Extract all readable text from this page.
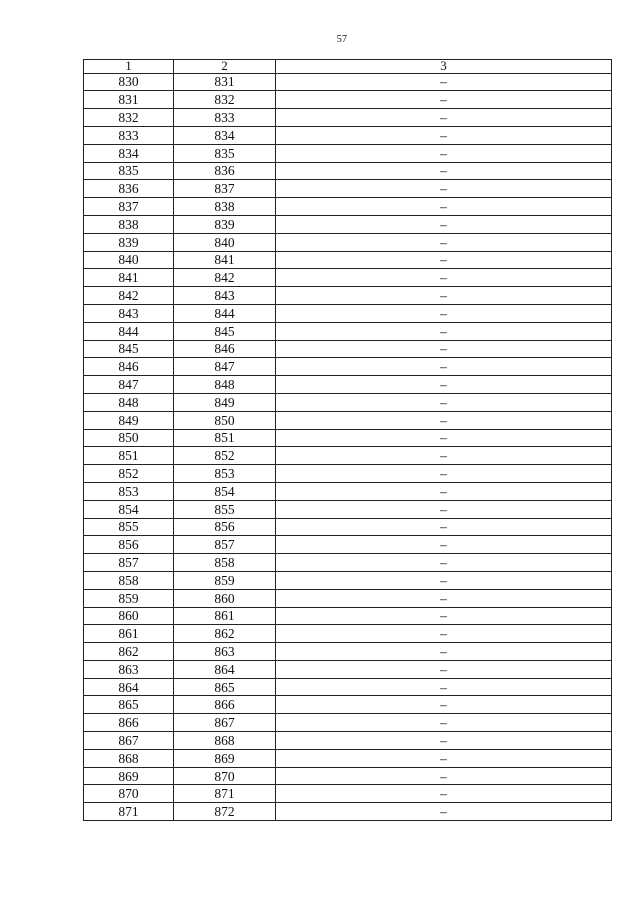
57
1	2	3
830	831	–
831	832	–
832	833	–
833	834	–
834	835	–
835	836	–
836	837	–
837	838	–
838	839	–
839	840	–
840	841	–
841	842	–
842	843	–
843	844	–
844	845	–
845	846	–
846	847	–
847	848	–
848	849	–
849	850	–
850	851	–
851	852	–
852	853	–
853	854	–
854	855	–
855	856	–
856	857	–
857	858	–
858	859	–
859	860	–
860	861	–
861	862	–
862	863	–
863	864	–
864	865	–
865	866	–
866	867	–
867	868	–
868	869	–
869	870	–
870	871	–
871	872	–
